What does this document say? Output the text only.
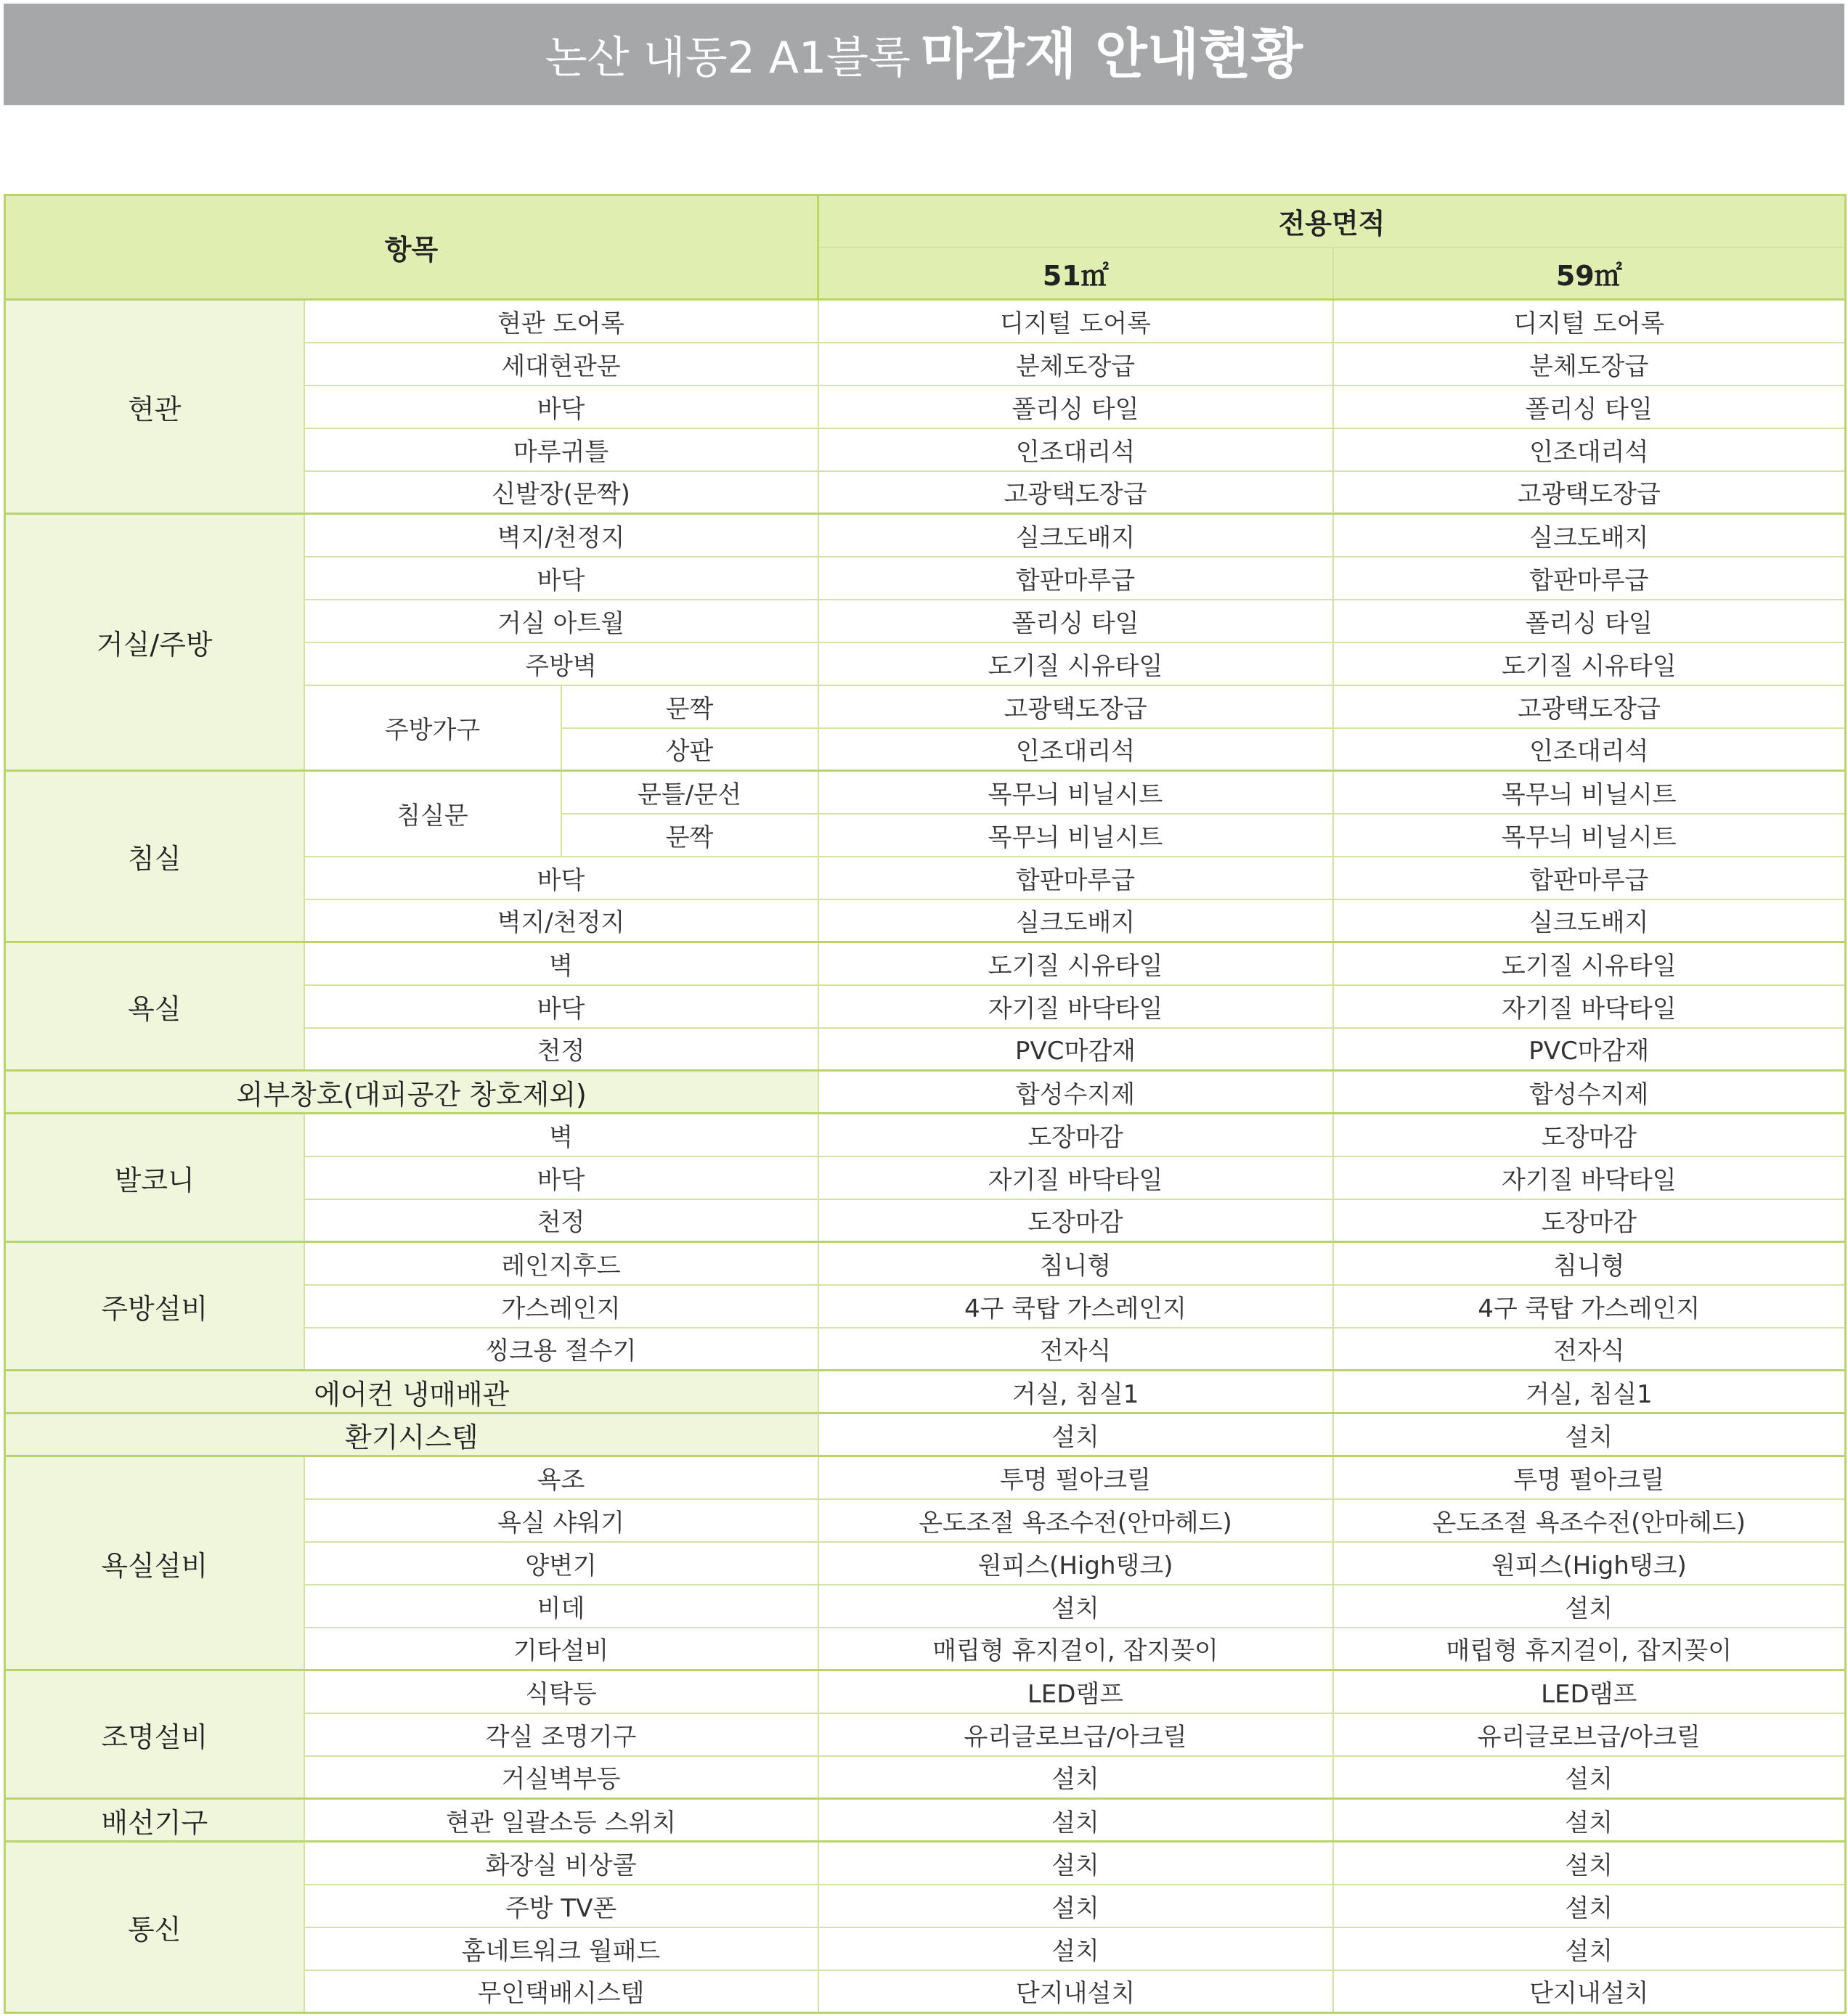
논산 내동2 A1블록 마감재 안내현황
항목			전용면적	
			51㎡	59㎡
현관	현관 도어록		디지털 도어록	디지털 도어록
	세대현관문		분체도장급	분체도장급
	바닥		폴리싱 타일	폴리싱 타일
	마루귀틀		인조대리석	인조대리석
	신발장(문짝)		고광택도장급	고광택도장급
거실/주방	벽지/천정지		실크도배지	실크도배지
	바닥		합판마루급	합판마루급
	거실 아트월		폴리싱 타일	폴리싱 타일
	주방벽		도기질 시유타일	도기질 시유타일
	주방가구	문짝	고광택도장급	고광택도장급
		상판	인조대리석	인조대리석
침실	침실문	문틀/문선	목무늬 비닐시트	목무늬 비닐시트
		문짝	목무늬 비닐시트	목무늬 비닐시트
	바닥		합판마루급	합판마루급
	벽지/천정지		실크도배지	실크도배지
욕실	벽		도기질 시유타일	도기질 시유타일
	바닥		자기질 바닥타일	자기질 바닥타일
	천정		PVC마감재	PVC마감재
외부창호(대피공간 창호제외)			합성수지제	합성수지제
발코니	벽		도장마감	도장마감
	바닥		자기질 바닥타일	자기질 바닥타일
	천정		도장마감	도장마감
주방설비	레인지후드		침니형	침니형
	가스레인지		4구 쿡탑 가스레인지	4구 쿡탑 가스레인지
	씽크용 절수기		전자식	전자식
에어컨 냉매배관			거실, 침실1	거실, 침실1
환기시스템			설치	설치
욕실설비	욕조		투명 펄아크릴	투명 펄아크릴
	욕실 샤워기		온도조절 욕조수전(안마헤드)	온도조절 욕조수전(안마헤드)
	양변기		원피스(High탱크)	원피스(High탱크)
	비데		설치	설치
	기타설비		매립형 휴지걸이, 잡지꽂이	매립형 휴지걸이, 잡지꽂이
조명설비	식탁등		LED램프	LED램프
	각실 조명기구		유리글로브급/아크릴	유리글로브급/아크릴
	거실벽부등		설치	설치
배선기구	현관 일괄소등 스위치		설치	설치
통신	화장실 비상콜		설치	설치
	주방 TV폰		설치	설치
	홈네트워크 월패드		설치	설치
	무인택배시스템		단지내설치	단지내설치
